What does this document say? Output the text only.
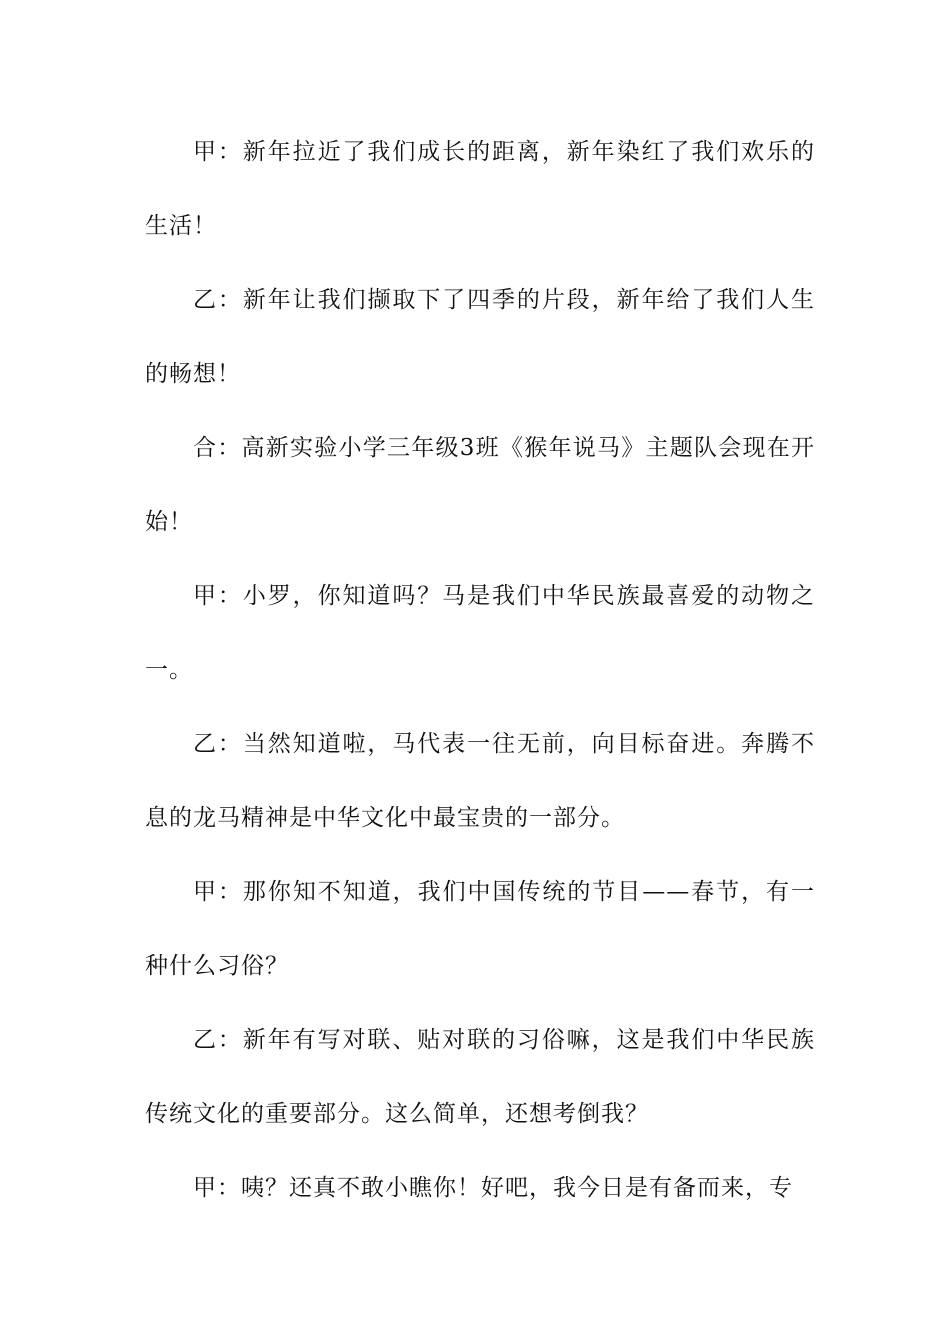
甲：新年拉近了我们成长的距离，新年染红了我们欢乐的生活！

乙：新年让我们撷取下了四季的片段，新年给了我们人生的畅想！

合：高新实验小学三年级3班《猴年说马》主题队会现在开始！

甲：小罗，你知道吗？马是我们中华民族最喜爱的动物之一。

乙：当然知道啦，马代表一往无前，向目标奋进。奔腾不息的龙马精神是中华文化中最宝贵的一部分。

甲：那你知不知道，我们中国传统的节目——春节，有一种什么习俗？

乙：新年有写对联、贴对联的习俗嘛，这是我们中华民族传统文化的重要部分。这么简单，还想考倒我？

甲：咦？还真不敢小瞧你！好吧，我今日是有备而来，专
